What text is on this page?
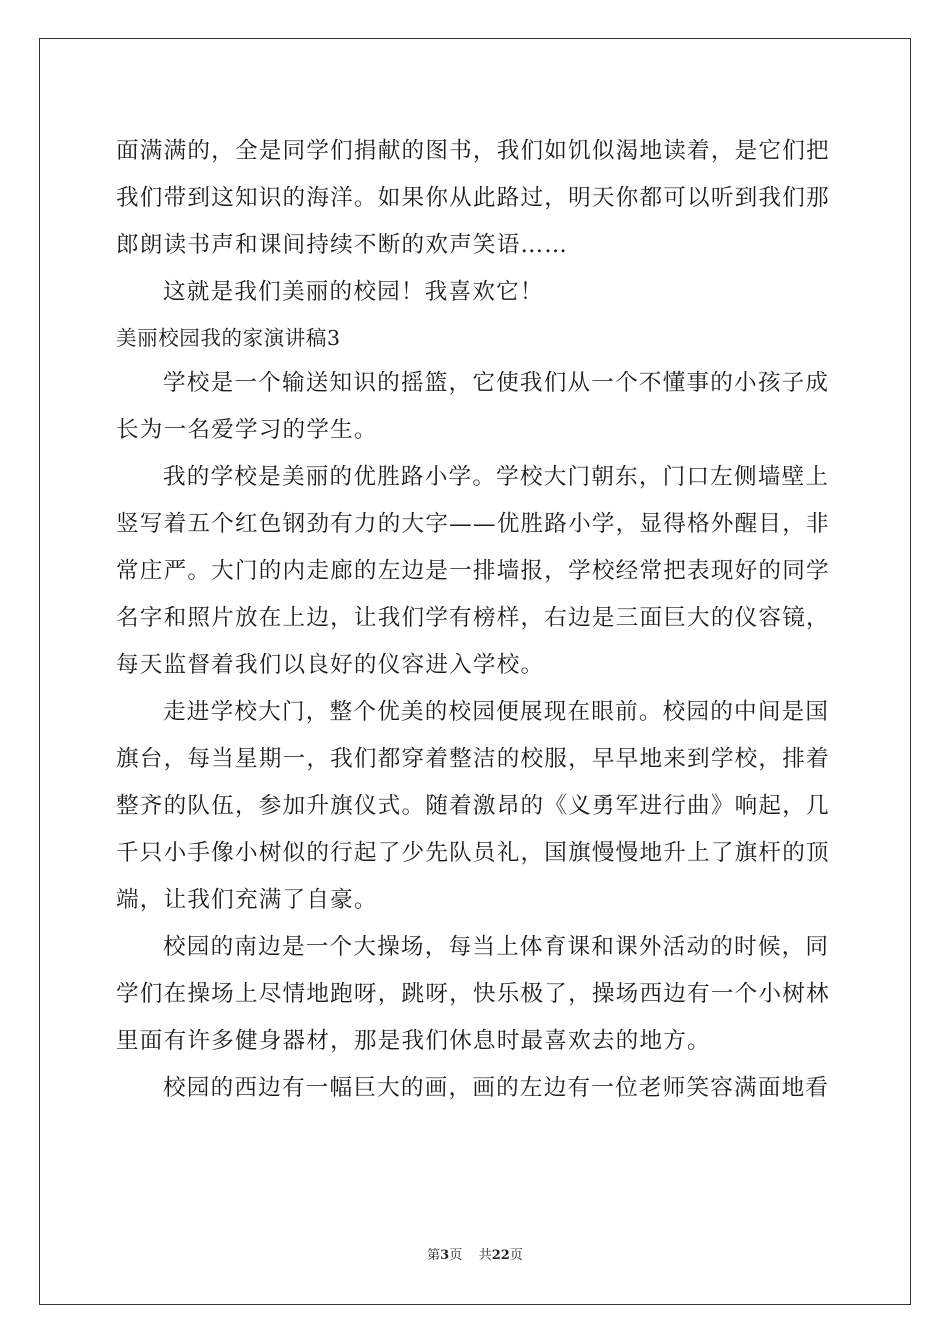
面满满的，全是同学们捐献的图书，我们如饥似渴地读着，是它们把
我们带到这知识的海洋。如果你从此路过，明天你都可以听到我们那
郎朗读书声和课间持续不断的欢声笑语……
这就是我们美丽的校园！我喜欢它！
美丽校园我的家演讲稿3
学校是一个输送知识的摇篮，它使我们从一个不懂事的小孩子成
长为一名爱学习的学生。
我的学校是美丽的优胜路小学。学校大门朝东，门口左侧墙壁上
竖写着五个红色钢劲有力的大字——优胜路小学，显得格外醒目，非
常庄严。大门的内走廊的左边是一排墙报，学校经常把表现好的同学
名字和照片放在上边，让我们学有榜样，右边是三面巨大的仪容镜，
每天监督着我们以良好的仪容进入学校。
走进学校大门，整个优美的校园便展现在眼前。校园的中间是国
旗台，每当星期一，我们都穿着整洁的校服，早早地来到学校，排着
整齐的队伍，参加升旗仪式。随着激昂的《义勇军进行曲》响起，几
千只小手像小树似的行起了少先队员礼，国旗慢慢地升上了旗杆的顶
端，让我们充满了自豪。
校园的南边是一个大操场，每当上体育课和课外活动的时候，同
学们在操场上尽情地跑呀，跳呀，快乐极了，操场西边有一个小树林
里面有许多健身器材，那是我们休息时最喜欢去的地方。
校园的西边有一幅巨大的画，画的左边有一位老师笑容满面地看
第3页 共22页
